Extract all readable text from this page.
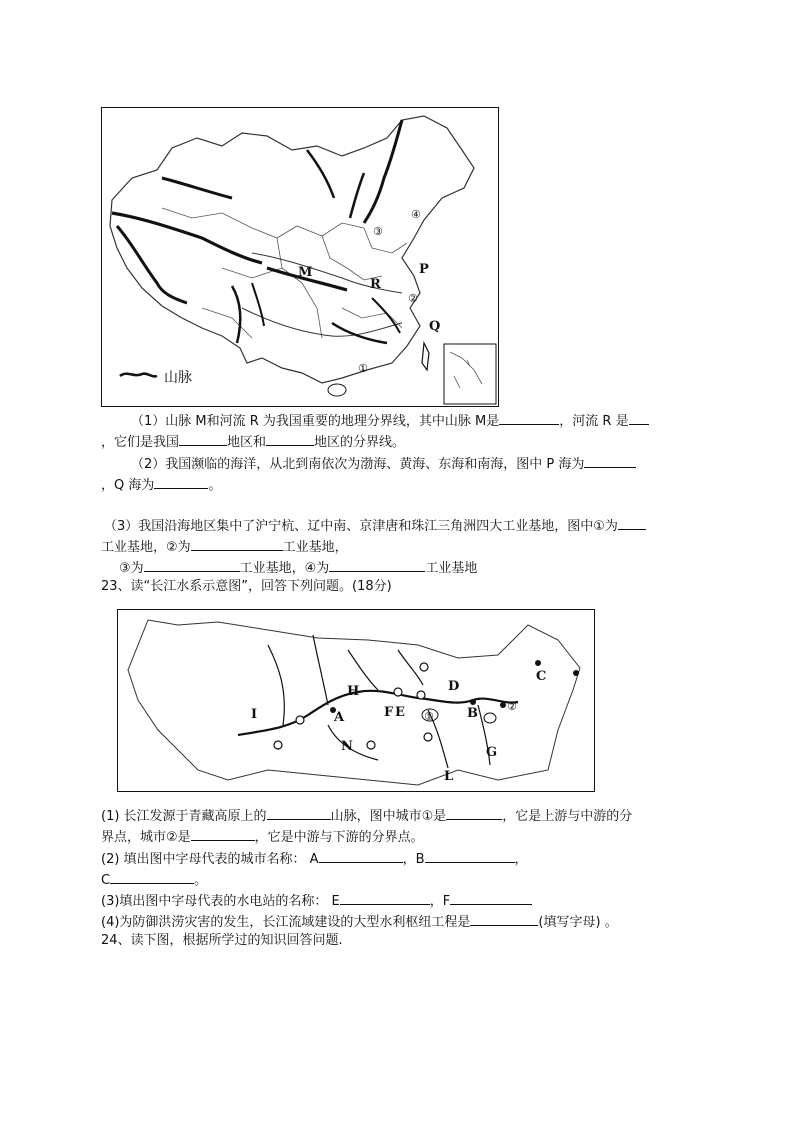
山脉
M
R
P
Q
①
②
③
④
（1）山脉 M和河流 R 为我国重要的地理分界线，其中山脉 M是	，河流 R 是
，它们是我国	地区和	地区的分界线。
（2）我国濒临的海洋，从北到南依次为渤海、黄海、东海和南海，图中 P 海为
，Q 海为	。
（3）我国沿海地区集中了沪宁杭、辽中南、京津唐和珠江三角洲四大工业基地，图中①为
工业基地，②为	工业基地，
③为	工业基地，④为	工业基地
23、读“长江水系示意图”，回答下列问题。(18分)
A	B
C
D
E
F
G
H
I
L
N
①
②
(1) 长江发源于青藏高原上的	山脉，图中城市①是	，它是上游与中游的分
界点，城市②是	，它是中游与下游的分界点。
(2) 填出图中字母代表的城市名称： A	，B	，
C	。
(3)填出图中字母代表的水电站的名称： E	，F
(4)为防御洪涝灾害的发生，长江流域建设的大型水利枢纽工程是	(填写字母) 。
24、读下图，根据所学过的知识回答问题.
